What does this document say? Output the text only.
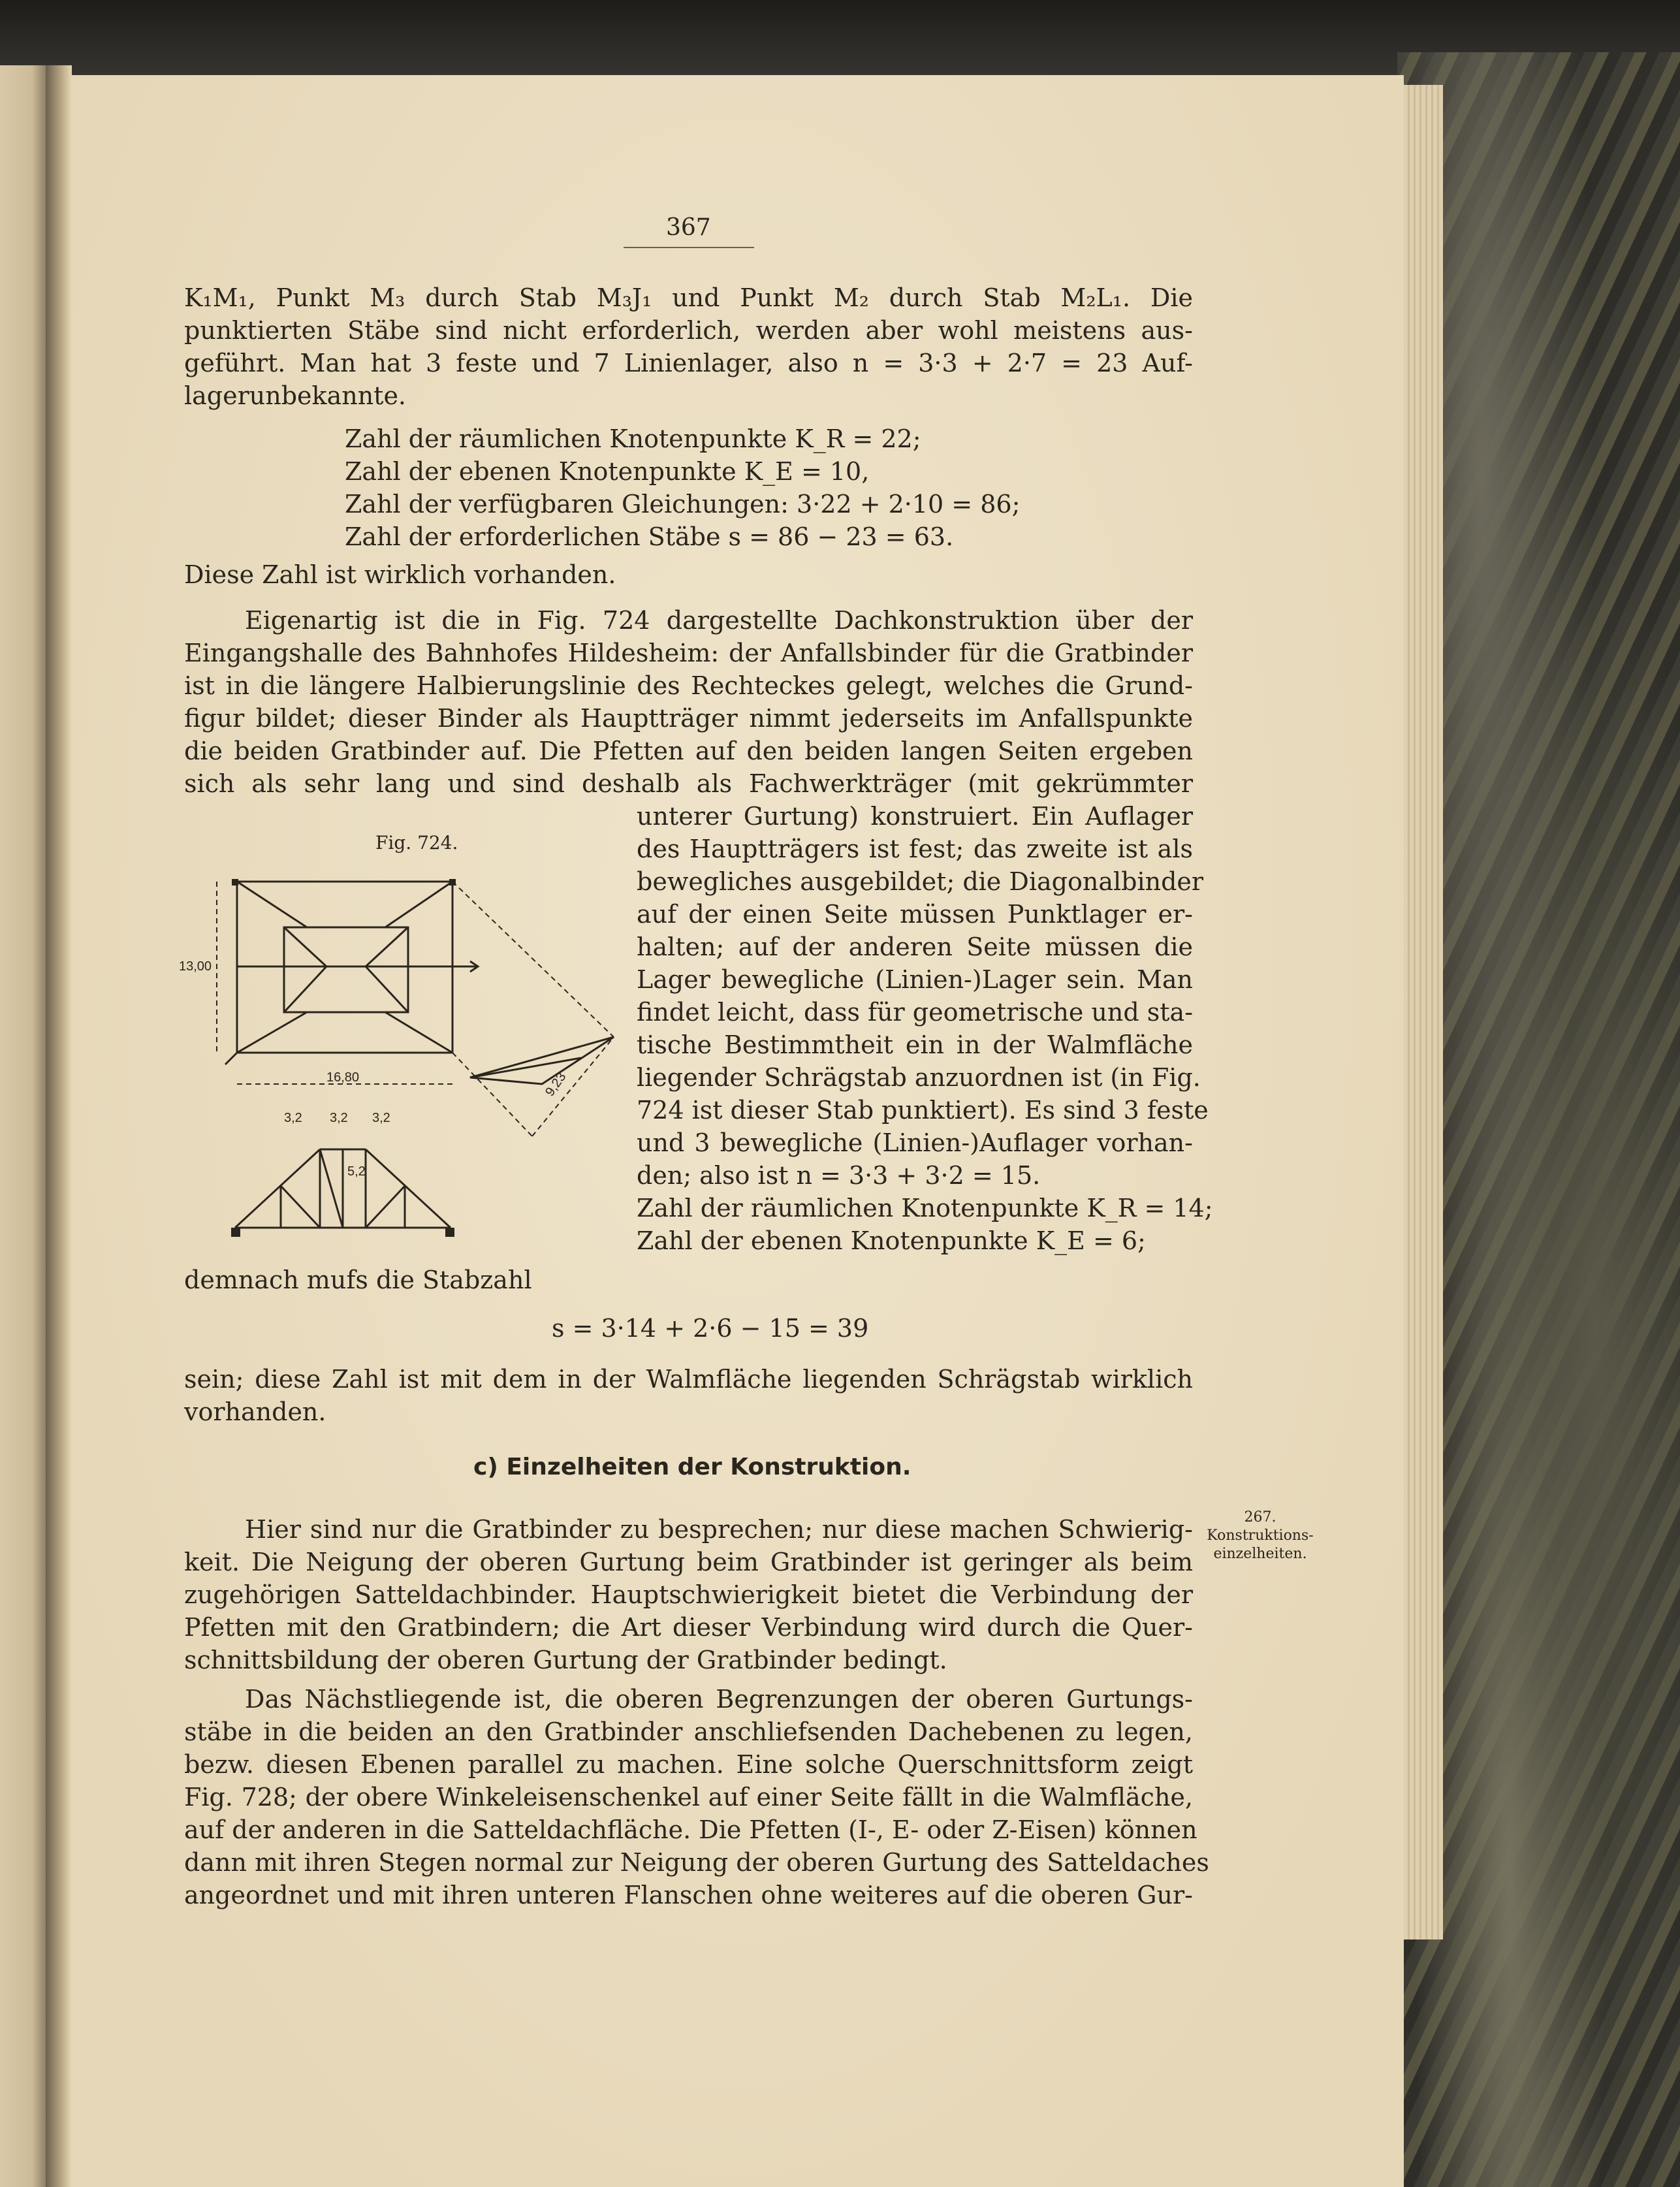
367
K₁M₁, Punkt M₃ durch Stab M₃J₁ und Punkt M₂ durch Stab M₂L₁. Die
punktierten Stäbe sind nicht erforderlich, werden aber wohl meistens aus-
geführt. Man hat 3 feste und 7 Linienlager, also n = 3·3 + 2·7 = 23 Auf-
lagerunbekannte.
Zahl der räumlichen Knotenpunkte K_R = 22;
Zahl der ebenen Knotenpunkte K_E = 10,
Zahl der verfügbaren Gleichungen: 3·22 + 2·10 = 86;
Zahl der erforderlichen Stäbe s = 86 − 23 = 63.
Diese Zahl ist wirklich vorhanden.
Eigenartig ist die in Fig. 724 dargestellte Dachkonstruktion über der
Eingangshalle des Bahnhofes Hildesheim: der Anfallsbinder für die Gratbinder
ist in die längere Halbierungslinie des Rechteckes gelegt, welches die Grund-
figur bildet; dieser Binder als Hauptträger nimmt jederseits im Anfallspunkte
die beiden Gratbinder auf. Die Pfetten auf den beiden langen Seiten ergeben
sich als sehr lang und sind deshalb als Fachwerkträger (mit gekrümmter
Fig. 724.
13,00
16,80	9,23
3,2 3,2 3,2
5,2
unterer Gurtung) konstruiert. Ein Auflager
des Hauptträgers ist fest; das zweite ist als
bewegliches ausgebildet; die Diagonalbinder
auf der einen Seite müssen Punktlager er-
halten; auf der anderen Seite müssen die
Lager bewegliche (Linien-)Lager sein. Man
findet leicht, dass für geometrische und sta-
tische Bestimmtheit ein in der Walmfläche
liegender Schrägstab anzuordnen ist (in Fig.
724 ist dieser Stab punktiert). Es sind 3 feste
und 3 bewegliche (Linien-)Auflager vorhan-
den; also ist n = 3·3 + 3·2 = 15.
Zahl der räumlichen Knotenpunkte K_R = 14;
Zahl der ebenen Knotenpunkte K_E = 6;
demnach mufs die Stabzahl
s = 3·14 + 2·6 − 15 = 39
sein; diese Zahl ist mit dem in der Walmfläche liegenden Schrägstab wirklich
vorhanden.
c) Einzelheiten der Konstruktion.
267.
Konstruktions-
einzelheiten.
Hier sind nur die Gratbinder zu besprechen; nur diese machen Schwierig-
keit. Die Neigung der oberen Gurtung beim Gratbinder ist geringer als beim
zugehörigen Satteldachbinder. Hauptschwierigkeit bietet die Verbindung der
Pfetten mit den Gratbindern; die Art dieser Verbindung wird durch die Quer-
schnittsbildung der oberen Gurtung der Gratbinder bedingt.
Das Nächstliegende ist, die oberen Begrenzungen der oberen Gurtungs-
stäbe in die beiden an den Gratbinder anschliefsenden Dachebenen zu legen,
bezw. diesen Ebenen parallel zu machen. Eine solche Querschnittsform zeigt
Fig. 728; der obere Winkeleisenschenkel auf einer Seite fällt in die Walmfläche,
auf der anderen in die Satteldachfläche. Die Pfetten (I-, E- oder Z-Eisen) können
dann mit ihren Stegen normal zur Neigung der oberen Gurtung des Satteldaches
angeordnet und mit ihren unteren Flanschen ohne weiteres auf die oberen Gur-
